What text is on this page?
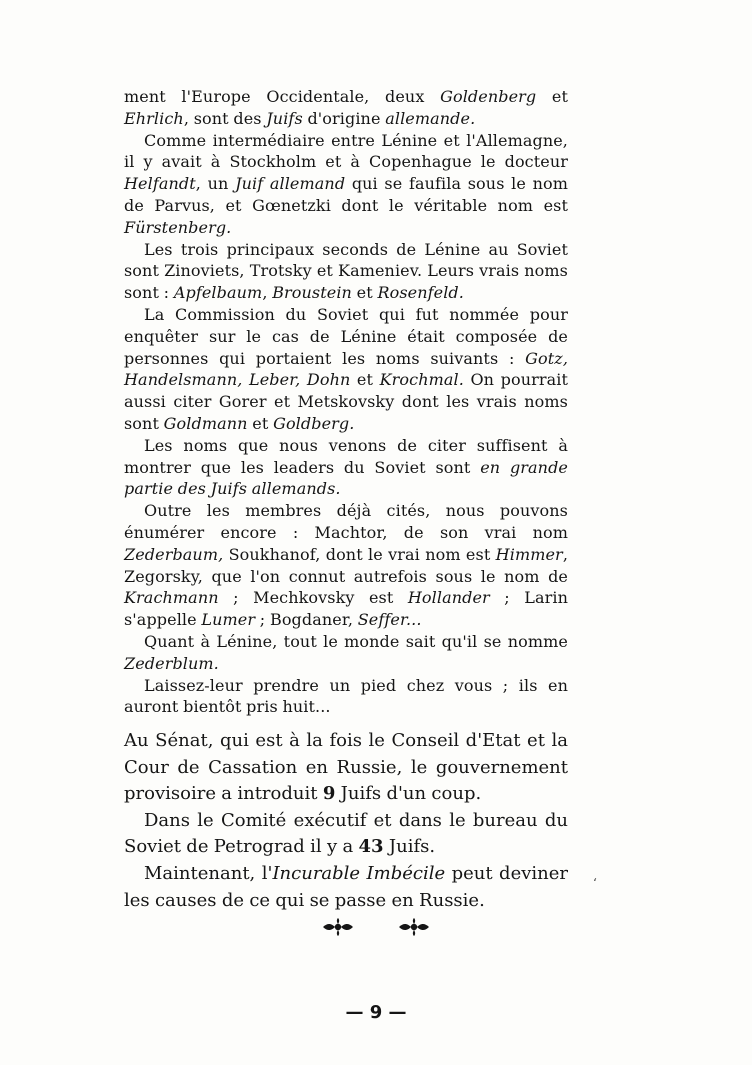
ment l'Europe Occidentale, deux Goldenberg et Ehrlich, sont des Juifs d'origine allemande.

Comme intermédiaire entre Lénine et l'Allemagne, il y avait à Stockholm et à Copenhague le docteur Helfandt, un Juif allemand qui se faufila sous le nom de Parvus, et Gœnetzki dont le véritable nom est Fürstenberg.

Les trois principaux seconds de Lénine au Soviet sont Zinoviets, Trotsky et Kameniev. Leurs vrais noms sont : Apfelbaum, Broustein et Rosenfeld.

La Commission du Soviet qui fut nommée pour enquêter sur le cas de Lénine était composée de personnes qui portaient les noms suivants : Gotz, Handelsmann, Leber, Dohn et Krochmal. On pourrait aussi citer Gorer et Metskovsky dont les vrais noms sont Goldmann et Goldberg.

Les noms que nous venons de citer suffisent à montrer que les leaders du Soviet sont en grande partie des Juifs allemands.

Outre les membres déjà cités, nous pouvons énumérer encore : Machtor, de son vrai nom Zederbaum, Soukhanof, dont le vrai nom est Himmer, Zegorsky, que l'on connut autrefois sous le nom de Krachmann ; Mechkovsky est Hollander ; Larin s'appelle Lumer ; Bogdaner, Seffer...

Quant à Lénine, tout le monde sait qu'il se nomme Zederblum.

Laissez-leur prendre un pied chez vous ; ils en auront bientôt pris huit...

Au Sénat, qui est à la fois le Conseil d'Etat et la Cour de Cassation en Russie, le gouvernement provisoire a introduit 9 Juifs d'un coup.

Dans le Comité exécutif et dans le bureau du Soviet de Petrograd il y a 43 Juifs.

Maintenant, l'Incurable Imbécile peut deviner les causes de ce qui se passe en Russie.

‘
— 9 —
